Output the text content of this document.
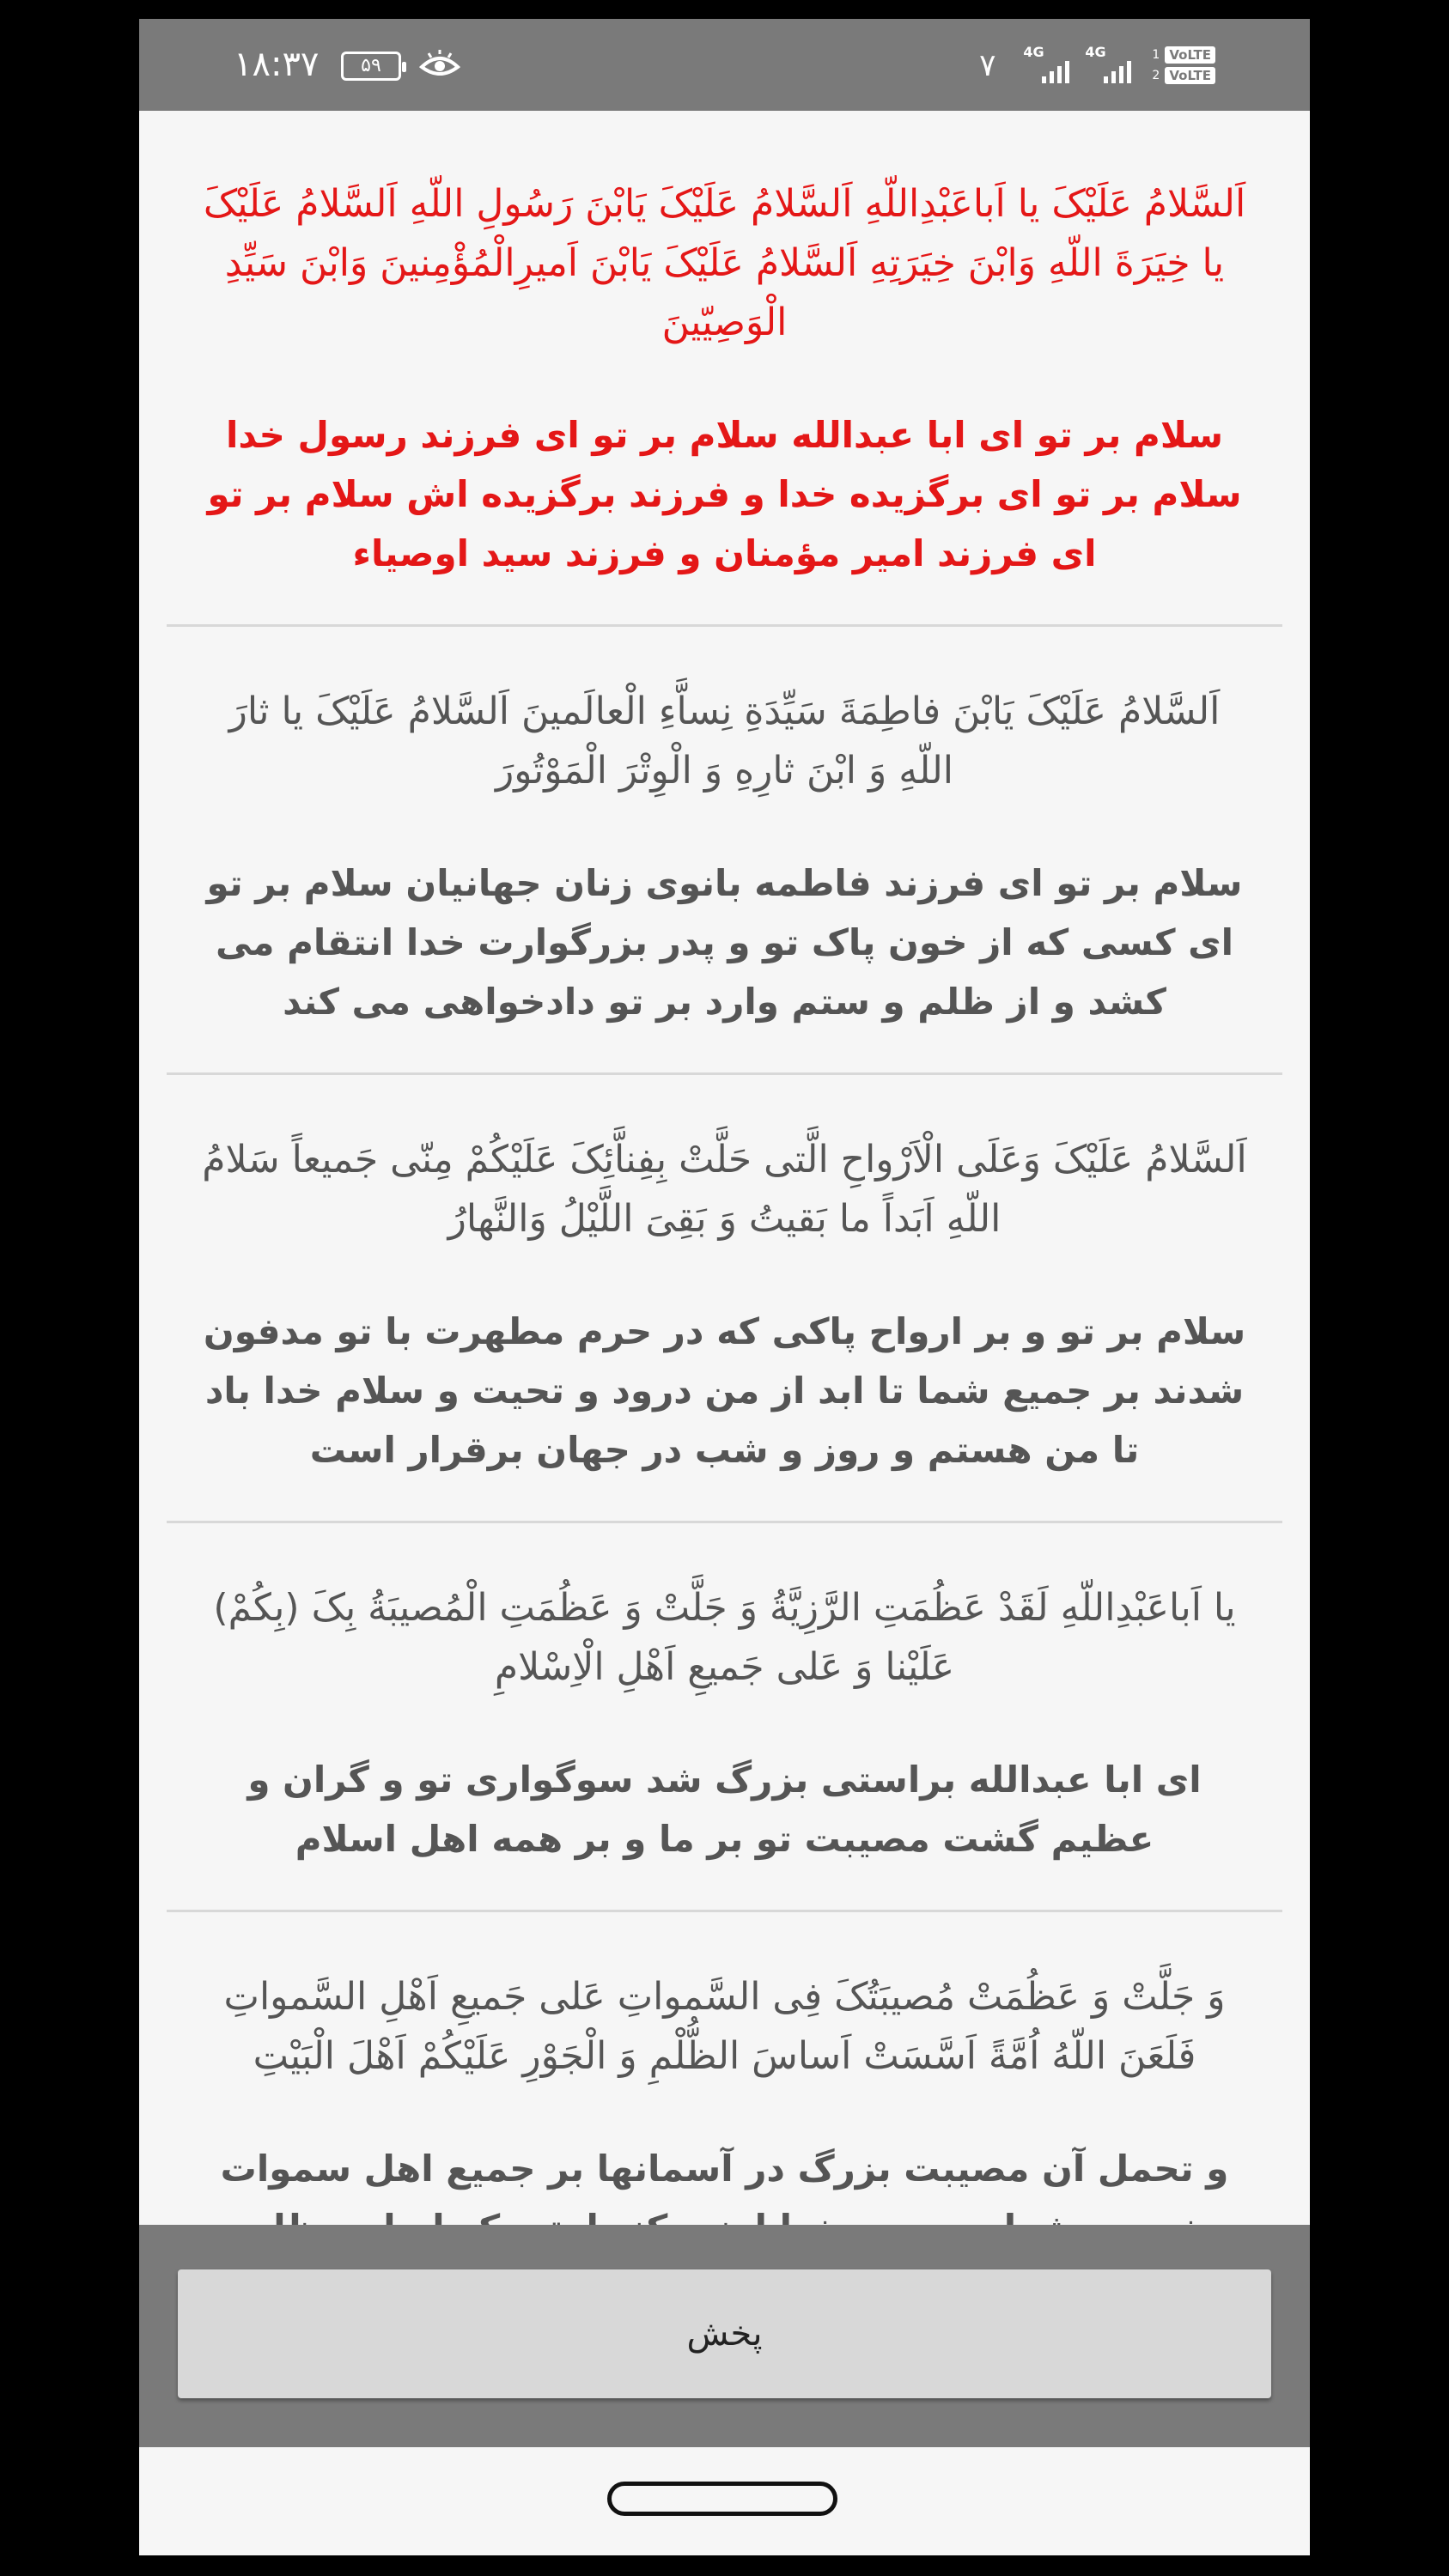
۱۸:۳۷	۵۹	۷ 4G	4G	1 VoLTE
2 VoLTE

اَلسَّلامُ عَلَیْکَ یا اَباعَبْدِاللّهِ اَلسَّلامُ عَلَیْکَ یَابْنَ رَسُولِ اللّهِ اَلسَّلامُ عَلَیْکَ یا خِیَرَةَ اللّهِ وَابْنَ خِیَرَتِهِ اَلسَّلامُ عَلَیْکَ یَابْنَ اَمیرِالْمُؤْمِنینَ وَابْنَ سَیِّدِ الْوَصِیّینَ

سلام بر تو ای ابا عبدالله سلام بر تو ای فرزند رسول خدا سلام بر تو ای برگزیده خدا و فرزند برگزیده اش سلام بر تو ای فرزند امیر مؤمنان و فرزند سید اوصیاء

اَلسَّلامُ عَلَیْکَ یَابْنَ فاطِمَةَ سَیِّدَةِ نِساَّءِ الْعالَمینَ اَلسَّلامُ عَلَیْکَ یا ثارَ اللّهِ وَ ابْنَ ثارِهِ وَ الْوِتْرَ الْمَوْتُورَ

سلام بر تو ای فرزند فاطمه بانوی زنان جهانیان سلام بر تو ای کسی که از خون پاک تو و پدر بزرگوارت خدا انتقام می کشد و از ظلم و ستم وارد بر تو دادخواهی می کند

اَلسَّلامُ عَلَیْکَ وَعَلَی الْاَرْواحِ الَّتی حَلَّتْ بِفِناَّئِکَ عَلَیْکُمْ مِنّی جَمیعاً سَلامُ اللّهِ اَبَداً ما بَقیتُ وَ بَقِیَ اللَّیْلُ وَالنَّهارُ

سلام بر تو و بر ارواح پاکی که در حرم مطهرت با تو مدفون شدند بر جمیع شما تا ابد از من درود و تحیت و سلام خدا باد تا من هستم و روز و شب در جهان برقرار است

یا اَباعَبْدِاللّهِ لَقَدْ عَظُمَتِ الرَّزِیَّةُ وَ جَلَّتْ وَ عَظُمَتِ الْمُصیبَةُ بِکَ (بِکُمْ) عَلَیْنا وَ عَلی جَمیعِ اَهْلِ الْاِسْلامِ

ای ابا عبدالله براستی بزرگ شد سوگواری تو و گران و عظیم گشت مصیبت تو بر ما و بر همه اهل اسلام

وَ جَلَّتْ وَ عَظُمَتْ مُصیبَتُکَ فِی السَّمواتِ عَلی جَمیعِ اَهْلِ السَّمواتِ فَلَعَنَ اللّهُ اُمَّةً اَسَّسَتْ اَساسَ الظُّلْمِ وَ الْجَوْرِ عَلَیْکُمْ اَهْلَ الْبَیْتِ

و تحمل آن مصیبت بزرگ در آسمانها بر جمیع اهل سموات

پخش
